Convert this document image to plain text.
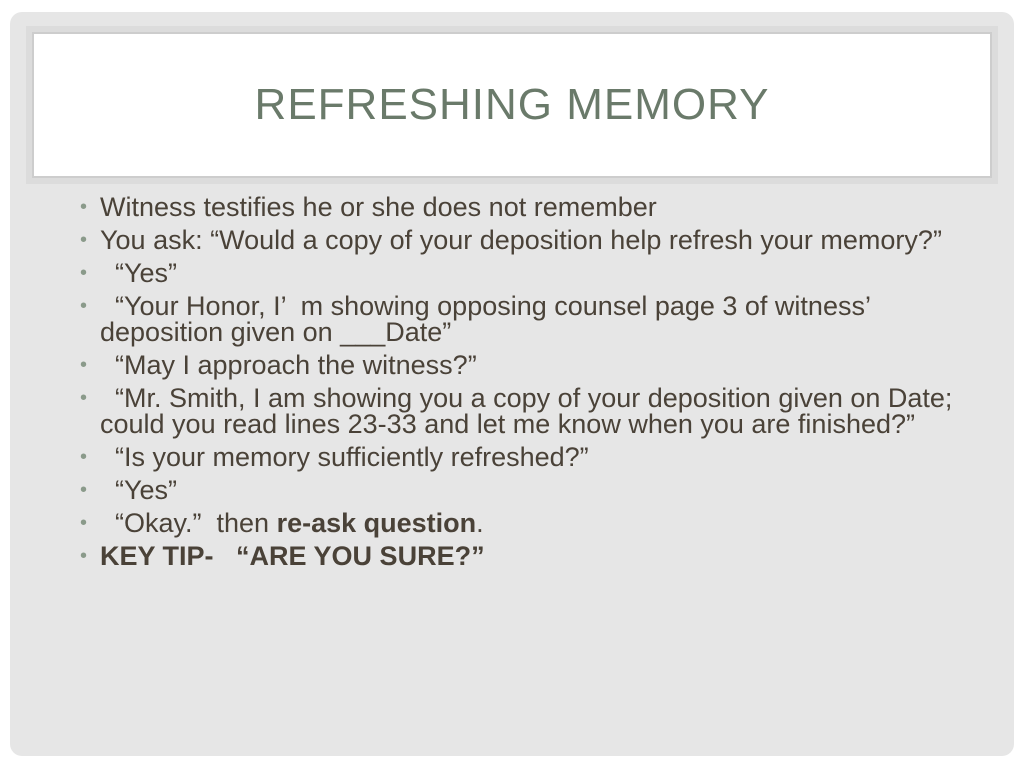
REFRESHING MEMORY
• Witness testifies he or she does not remember
• You ask: “Would a copy of your deposition help refresh your memory?”
• “Yes”
• “Your Honor, I’  m showing opposing counsel page 3 of witness’   deposition given on ___Date”
• “May I approach the witness?”
• “Mr. Smith, I am showing you a copy of your deposition given on Date; could you read lines 23-33 and let me know when you are finished?”
• “Is your memory sufficiently refreshed?”
• “Yes”
• “Okay.”  then re-ask question.
• KEY TIP-   “ARE YOU SURE?”
